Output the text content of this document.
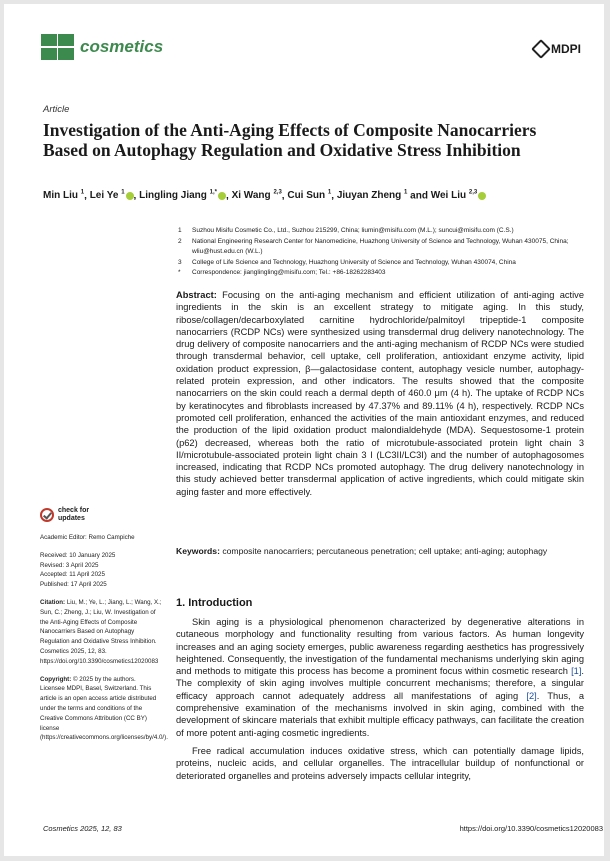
cosmetics	MDPI
Article
Investigation of the Anti-Aging Effects of Composite Nanocarriers Based on Autophagy Regulation and Oxidative Stress Inhibition
Min Liu $^1$, Lei Ye $^1$ , Lingling Jiang $^{1,*}$ , Xi Wang $^{2,3}$, Cui Sun $^1$, Jiuyan Zheng $^1$ and Wei Liu $^{2,3}$
1	Suzhou Misifu Cosmetic Co., Ltd., Suzhou 215299, China; liumin@misifu.com (M.L.); suncui@misifu.com (C.S.)
2	National Engineering Research Center for Nanomedicine, Huazhong University of Science and Technology, Wuhan 430075, China; wliu@hust.edu.cn (W.L.)
3	College of Life Science and Technology, Huazhong University of Science and Technology, Wuhan 430074, China
*	Correspondence: jianglingling@misifu.com; Tel.: +86-18262283403
Abstract: Focusing on the anti-aging mechanism and efficient utilization of anti-aging active ingredients in the skin is an excellent strategy to mitigate aging. In this study, ribose/collagen/decarboxylated carnitine hydrochloride/palmitoyl tripeptide-1 composite nanocarriers (RCDP NCs) were synthesized using transdermal drug delivery nanotechnology. The drug delivery of composite nanocarriers and the anti-aging mechanism of RCDP NCs were studied through transdermal behavior, cell uptake, cell proliferation, antioxidant enzyme activity, lipid oxidation product expression, β—galactosidase content, autophagy vesicle number, autophagy-related protein expression, and other indicators. The results showed that the composite nanocarriers on the skin could reach a dermal depth of 460.0 μm (4 h). The uptake of RCDP NCs by keratinocytes and fibroblasts increased by 47.37% and 89.11% (4 h), respectively. RCDP NCs promoted cell proliferation, enhanced the activities of the main antioxidant enzymes, and reduced the production of the lipid oxidation product malondialdehyde (MDA). Sequestosome-1 protein (p62) decreased, whereas both the ratio of microtubule-associated protein light chain 3 II/microtubule-associated protein light chain 3 I (LC3II/LC3I) and the number of autophagosomes increased, indicating that RCDP NCs promoted autophagy. The drug delivery nanotechnology in this study achieved better transdermal application of active ingredients, which could mitigate skin aging faster and more effectively.
Keywords: composite nanocarriers; percutaneous penetration; cell uptake; anti-aging; autophagy
check for updates

Academic Editor: Remo Campiche

Received: 10 January 2025
Revised: 3 April 2025
Accepted: 11 April 2025
Published: 17 April 2025

Citation: Liu, M.; Ye, L.; Jiang, L.; Wang, X.; Sun, C.; Zheng, J.; Liu, W. Investigation of the Anti-Aging Effects of Composite Nanocarriers Based on Autophagy Regulation and Oxidative Stress Inhibition. Cosmetics 2025, 12, 83. https://doi.org/10.3390/cosmetics12020083

Copyright: © 2025 by the authors. Licensee MDPI, Basel, Switzerland. This article is an open access article distributed under the terms and conditions of the Creative Commons Attribution (CC BY) license (https://creativecommons.org/licenses/by/4.0/).

1. Introduction

Skin aging is a physiological phenomenon characterized by degenerative alterations in cutaneous morphology and functionality resulting from various factors. As human longevity increases and an aging society emerges, public awareness regarding aesthetics has progressively heightened. Consequently, the investigation of the fundamental mechanisms underlying skin aging and methods to mitigate this process has become a prominent focus within cosmetic research [1]. The complexity of skin aging involves multiple concurrent mechanisms; therefore, a singular efficacy approach cannot adequately address all manifestations of aging [2]. Thus, a comprehensive examination of the mechanisms involved in skin aging, combined with the development of skincare materials that exhibit multiple efficacy pathways, can facilitate the creation of more potent anti-aging cosmetic ingredients.

Free radical accumulation induces oxidative stress, which can potentially damage lipids, proteins, nucleic acids, and cellular organelles. The intracellular buildup of nonfunctional or deteriorated organelles and proteins adversely impacts cellular integrity,

Cosmetics 2025, 12, 83	https://doi.org/10.3390/cosmetics12020083
